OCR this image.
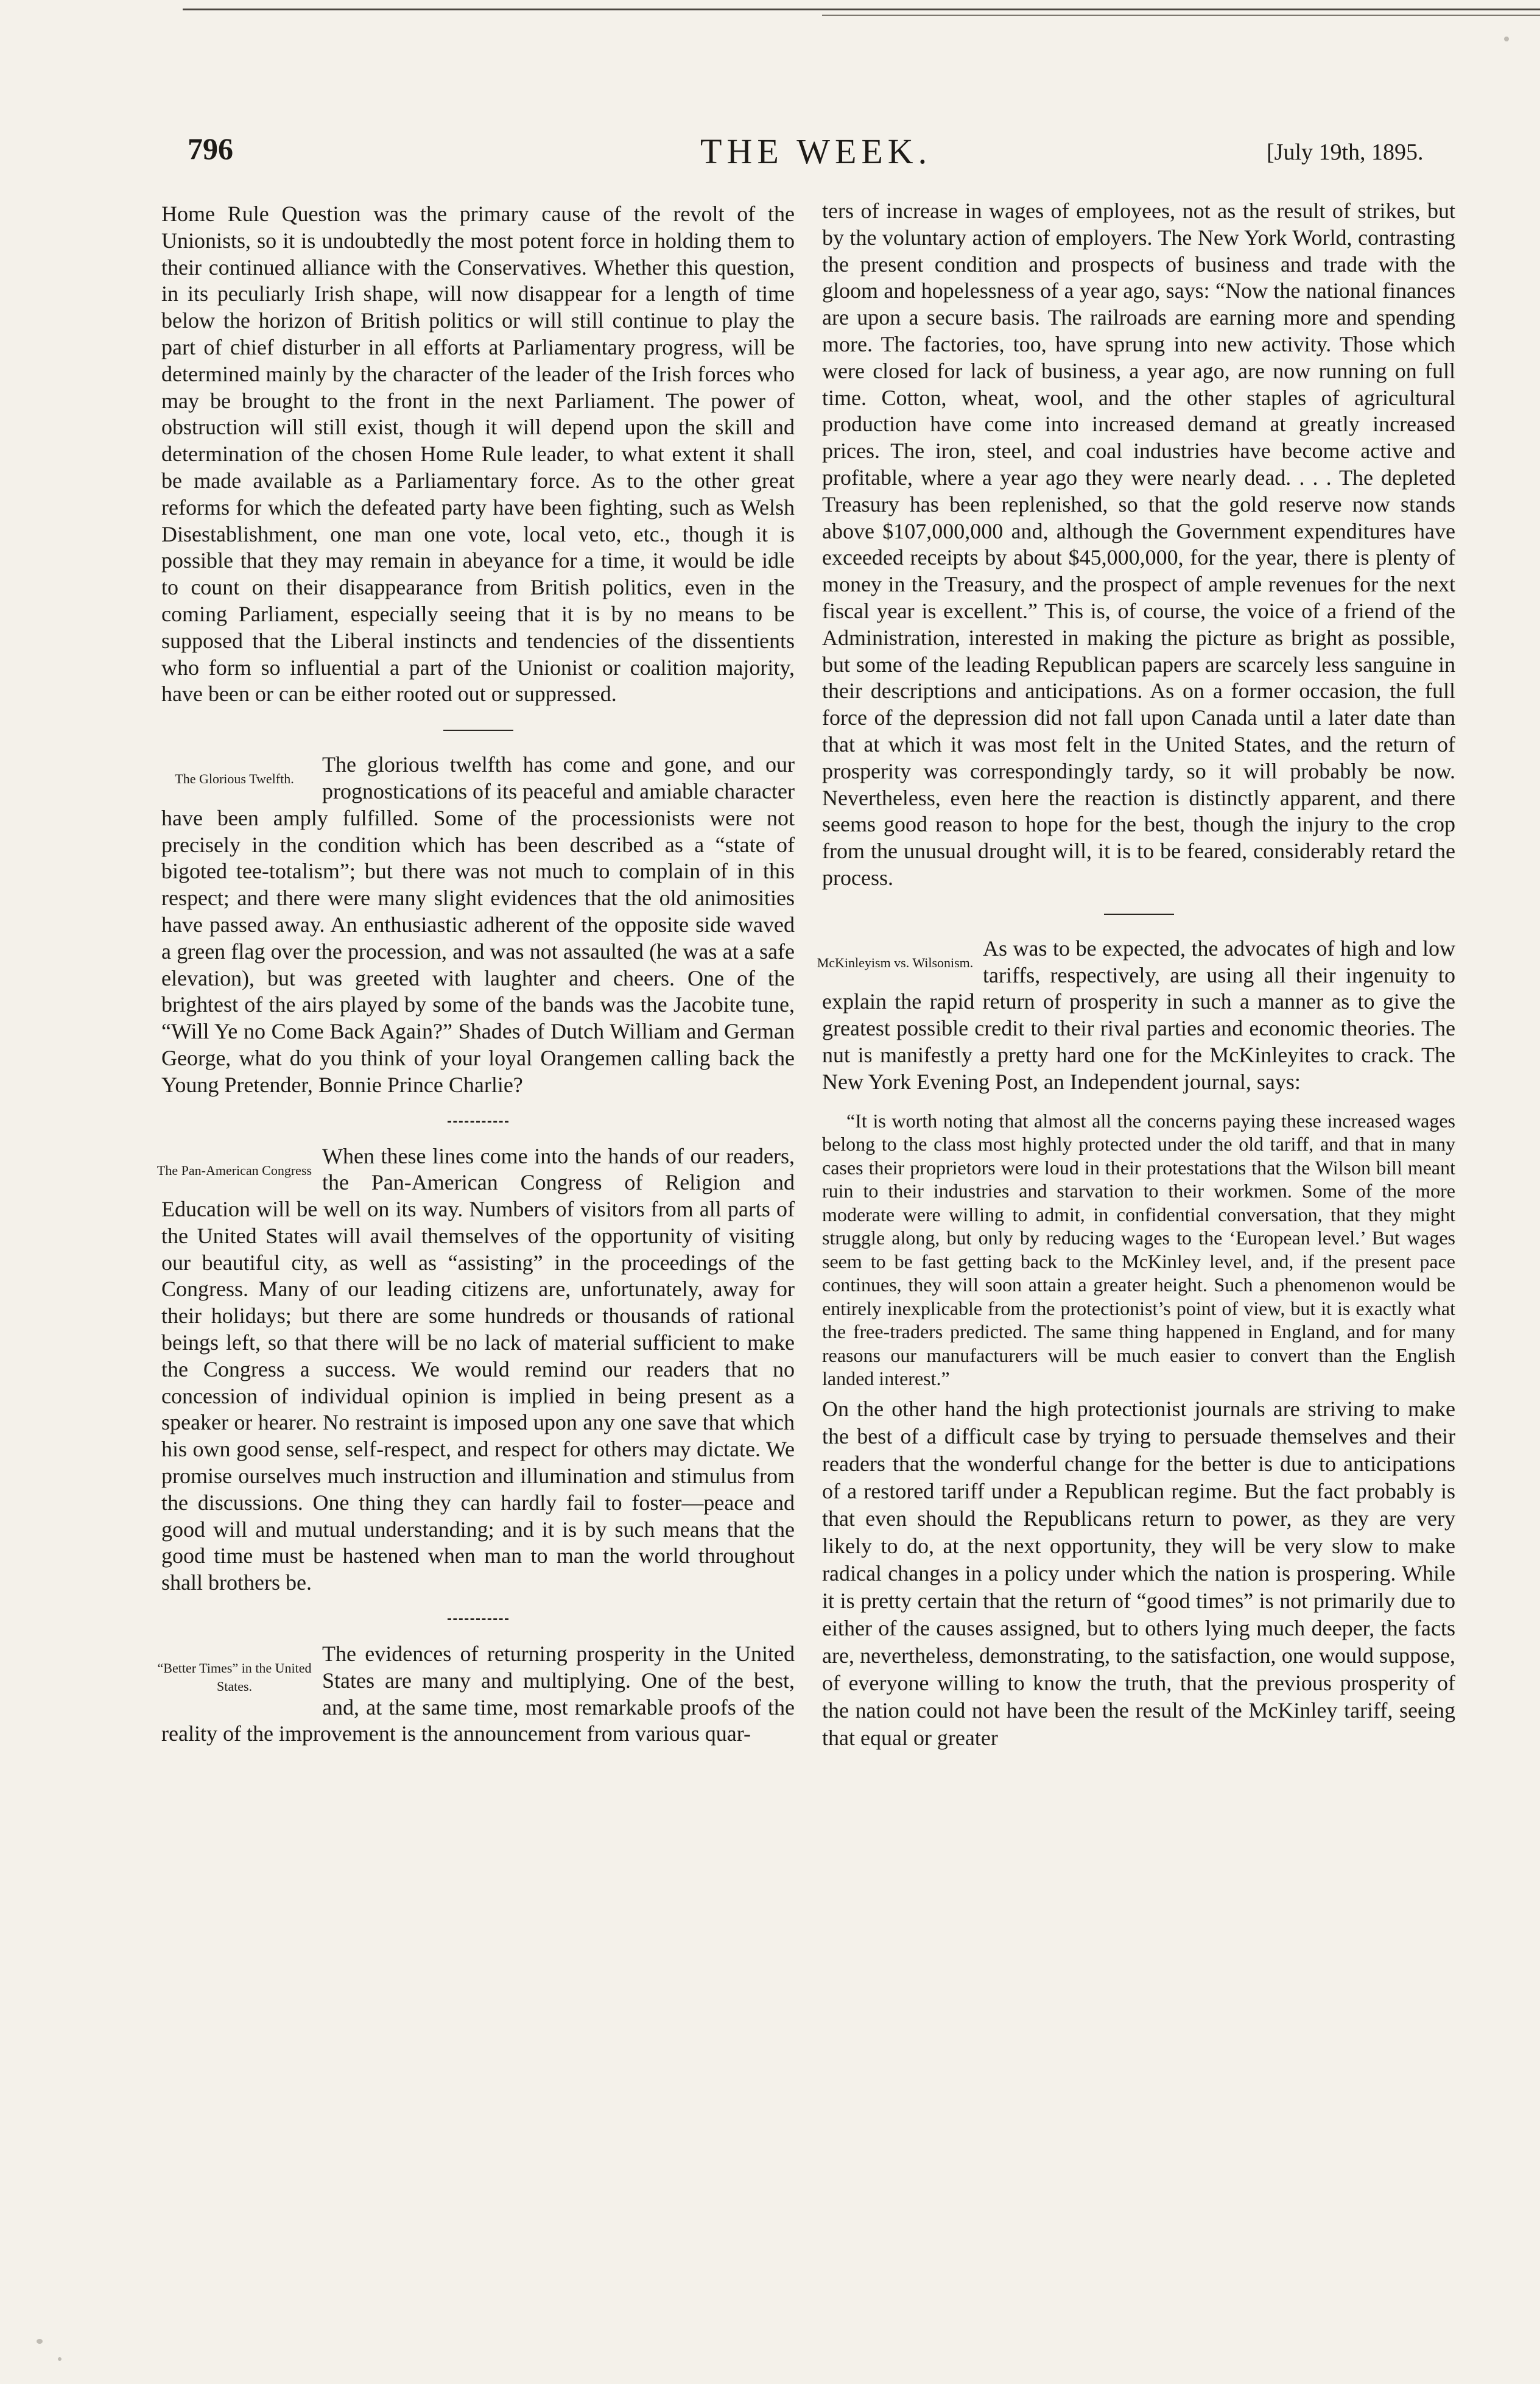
796	THE WEEK.	[July 19th, 1895.

Home Rule Question was the primary cause of the revolt of the Unionists, so it is undoubtedly the most potent force in holding them to their continued alliance with the Conservatives. Whether this question, in its peculiarly Irish shape, will now disappear for a length of time below the horizon of British politics or will still continue to play the part of chief disturber in all efforts at Parliamentary progress, will be determined mainly by the character of the leader of the Irish forces who may be brought to the front in the next Parliament. The power of obstruction will still exist, though it will depend upon the skill and determination of the chosen Home Rule leader, to what extent it shall be made available as a Parliamentary force. As to the other great reforms for which the defeated party have been fighting, such as Welsh Disestablishment, one man one vote, local veto, etc., though it is possible that they may remain in abeyance for a time, it would be idle to count on their disappearance from British politics, even in the coming Parliament, especially seeing that it is by no means to be supposed that the Liberal instincts and tendencies of the dissentients who form so influential a part of the Unionist or coalition majority, have been or can be either rooted out or suppressed.

The Glorious Twelfth.

The glorious twelfth has come and gone, and our prognostications of its peaceful and amiable character have been amply fulfilled. Some of the processionists were not precisely in the condition which has been described as a “state of bigoted tee-totalism”; but there was not much to complain of in this respect; and there were many slight evidences that the old animosities have passed away. An enthusiastic adherent of the opposite side waved a green flag over the procession, and was not assaulted (he was at a safe elevation), but was greeted with laughter and cheers. One of the brightest of the airs played by some of the bands was the Jacobite tune, “Will Ye no Come Back Again?” Shades of Dutch William and German George, what do you think of your loyal Orangemen calling back the Young Pretender, Bonnie Prince Charlie?

The Pan-American Congress

When these lines come into the hands of our readers, the Pan-American Congress of Religion and Education will be well on its way. Numbers of visitors from all parts of the United States will avail themselves of the opportunity of visiting our beautiful city, as well as “assisting” in the proceedings of the Congress. Many of our leading citizens are, unfortunately, away for their holidays; but there are some hundreds or thousands of rational beings left, so that there will be no lack of material sufficient to make the Congress a success. We would remind our readers that no concession of individual opinion is implied in being present as a speaker or hearer. No restraint is imposed upon any one save that which his own good sense, self-respect, and respect for others may dictate. We promise ourselves much instruction and illumination and stimulus from the discussions. One thing they can hardly fail to foster—peace and good will and mutual understanding; and it is by such means that the good time must be hastened when man to man the world throughout shall brothers be.

“Better Times” in the United States.

The evidences of returning prosperity in the United States are many and multiplying. One of the best, and, at the same time, most remarkable proofs of the reality of the improvement is the announcement from various quar-

ters of increase in wages of employees, not as the result of strikes, but by the voluntary action of employers. The New York World, contrasting the present condition and prospects of business and trade with the gloom and hopelessness of a year ago, says: “Now the national finances are upon a secure basis. The railroads are earning more and spending more. The factories, too, have sprung into new activity. Those which were closed for lack of business, a year ago, are now running on full time. Cotton, wheat, wool, and the other staples of agricultural production have come into increased demand at greatly increased prices. The iron, steel, and coal industries have become active and profitable, where a year ago they were nearly dead. . . . The depleted Treasury has been replenished, so that the gold reserve now stands above $107,000,000 and, although the Government expenditures have exceeded receipts by about $45,000,000, for the year, there is plenty of money in the Treasury, and the prospect of ample revenues for the next fiscal year is excellent.” This is, of course, the voice of a friend of the Administration, interested in making the picture as bright as possible, but some of the leading Republican papers are scarcely less sanguine in their descriptions and anticipations. As on a former occasion, the full force of the depression did not fall upon Canada until a later date than that at which it was most felt in the United States, and the return of prosperity was correspondingly tardy, so it will probably be now. Nevertheless, even here the reaction is distinctly apparent, and there seems good reason to hope for the best, though the injury to the crop from the unusual drought will, it is to be feared, considerably retard the process.

McKinleyism vs. Wilsonism.

As was to be expected, the advocates of high and low tariffs, respectively, are using all their ingenuity to explain the rapid return of prosperity in such a manner as to give the greatest possible credit to their rival parties and economic theories. The nut is manifestly a pretty hard one for the McKinleyites to crack. The New York Evening Post, an Independent journal, says:

“It is worth noting that almost all the concerns paying these increased wages belong to the class most highly protected under the old tariff, and that in many cases their proprietors were loud in their protestations that the Wilson bill meant ruin to their industries and starvation to their workmen. Some of the more moderate were willing to admit, in confidential conversation, that they might struggle along, but only by reducing wages to the ‘European level.’ But wages seem to be fast getting back to the McKinley level, and, if the present pace continues, they will soon attain a greater height. Such a phenomenon would be entirely inexplicable from the protectionist’s point of view, but it is exactly what the free-traders predicted. The same thing happened in England, and for many reasons our manufacturers will be much easier to convert than the English landed interest.”

On the other hand the high protectionist journals are striving to make the best of a difficult case by trying to persuade themselves and their readers that the wonderful change for the better is due to anticipations of a restored tariff under a Republican regime. But the fact probably is that even should the Republicans return to power, as they are very likely to do, at the next opportunity, they will be very slow to make radical changes in a policy under which the nation is prospering. While it is pretty certain that the return of “good times” is not primarily due to either of the causes assigned, but to others lying much deeper, the facts are, nevertheless, demonstrating, to the satisfaction, one would suppose, of everyone willing to know the truth, that the previous prosperity of the nation could not have been the result of the McKinley tariff, seeing that equal or greater
